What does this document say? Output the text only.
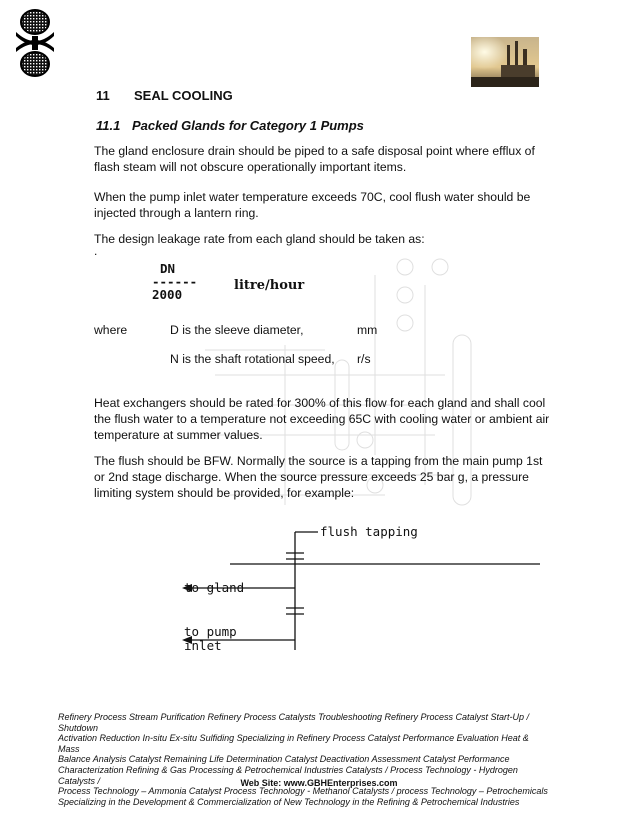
11 SEAL COOLING
11.1 Packed Glands for Category 1 Pumps
The gland enclosure drain should be piped to a safe disposal point where efflux of flash steam will not obscure operationally important items.
When the pump inlet water temperature exceeds 70C, cool flush water should be injected through a lantern ring.
The design leakage rate from each gland should be taken as:
.
DN
------
2000
litre/hour
where	D is the sleeve diameter,	mm
N is the shaft rotational speed, r/s
Heat exchangers should be rated for 300% of this flow for each gland and shall cool the flush water to a temperature not exceeding 65C with cooling water or ambient air temperature at summer values.
The flush should be BFW. Normally the source is a tapping from the main pump 1st or 2nd stage discharge. When the source pressure exceeds 25 bar g, a pressure limiting system should be provided, for example:
flush tapping
to gland
to pump
inlet
Refinery Process Stream Purification Refinery Process Catalysts Troubleshooting Refinery Process Catalyst Start-Up / Shutdown
Activation Reduction In-situ Ex-situ Sulfiding Specializing in Refinery Process Catalyst Performance Evaluation Heat & Mass
Balance Analysis Catalyst Remaining Life Determination Catalyst Deactivation Assessment Catalyst Performance
Characterization Refining & Gas Processing & Petrochemical Industries Catalysts / Process Technology - Hydrogen Catalysts /
Process Technology – Ammonia Catalyst Process Technology - Methanol Catalysts / process Technology – Petrochemicals
Specializing in the Development & Commercialization of New Technology in the Refining & Petrochemical Industries
Web Site: www.GBHEnterprises.com
